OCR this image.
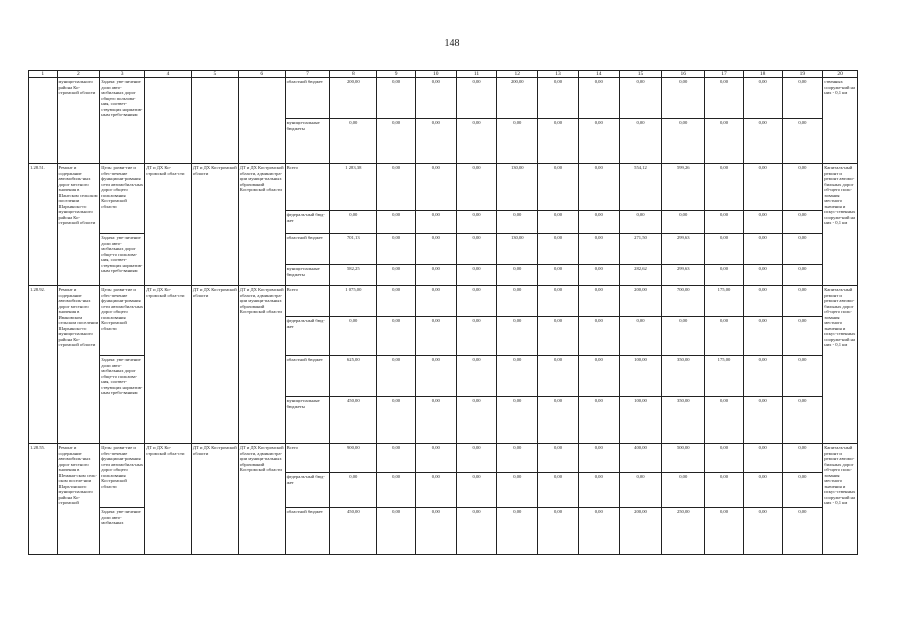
148
1	2	3	4	5	6	7	8	9	10	11	12	13	14	15	16	17	18	19	20
	муници-пального района Ко-стромской области	Задача: уве-личение доли авто-мобильных дорог общего пользова-ния, соответ-ствующих норматив-ным требо-ваниям				областной бюджет	200,00	0,00	0,00	0,00	200,00	0,00	0,00	0,00	0,00	0,00	0,00	0,00	ственных сооруже-ний на них - 0,1 км
						муници-пальные бюджеты	0,00	0,00	0,00	0,00	0,00	0,00	0,00	0,00	0,00	0,00	0,00	0,00	
1.28.51.	Ремонт и содержание автомобиль-ных дорог местного значения в Шангском сельском поселении Шарьинско-го муници-пального района Ко-стромской области	Цель: разви-тие и обес-печение функциони-рования сети автомобиль-ных дорог общего пользования Костромской области	ДТ и ДХ Ко-стромской обла-сти	ДТ и ДХ Костромской области	ДТ и ДХ Костромской области, администра-ции муници-пальных образований Костромской области	Всего	1 283,38	0,00	0,00	0,00	130,00	0,00	0,00	554,12	599,26	0,00	0,00	0,00	Капиталь-ный ремонт и ремонт автомо-бильных дорог об-щего поль-зования местного значения и искус-ственных сооруже-ний на них - 0,1 км
						федераль-ный бюд-жет	0,00	0,00	0,00	0,00	0,00	0,00	0,00	0,00	0,00	0,00	0,00	0,00	
		Задача: уве-личение доли авто-мобильных дорог обще-го пользова-ния, соответ-ствующих норматив-ным требо-ваниям				областной бюджет	701,13	0,00	0,00	0,00	130,00	0,00	0,00	271,50	299,63	0,00	0,00	0,00	
						муници-пальные бюджеты	582,25	0,00	0,00	0,00	0,00	0,00	0,00	282,62	299,63	0,00	0,00	0,00	
1.28.92.	Ремонт и содержание автомобиль-ных дорог местного значения в Ивановском сельском поселении Шарьинско-го муници-пального района Ко-стромской области	Цель: разви-тие и обес-печение функциони-рования сети автомобиль-ных дорог общего пользования Костромской области	ДТ и ДХ Ко-стромской обла-сти	ДТ и ДХ Костромской области	ДТ и ДХ Костромской области, администра-ции муници-пальных образований Костромской области	Всего	1 075,00	0,00	0,00	0,00	0,00	0,00	0,00	200,00	700,00	175,00	0,00	0,00	Капиталь-ный ремонт и ремонт автомо-бильных дорог об-щего поль-зования местного значения и искус-ственных сооруже-ний на них - 0,1 км
						федераль-ный бюд-жет	0,00	0,00	0,00	0,00	0,00	0,00	0,00	0,00	0,00	0,00	0,00	0,00	
		Задача: уве-личение доли авто-мобильных дорог обще-го пользова-ния, соответ-ствующих норматив-ным требо-ваниям				областной бюджет	625,00	0,00	0,00	0,00	0,00	0,00	0,00	100,00	350,00	175,00	0,00	0,00	
						муници-пальные бюджеты	450,00	0,00	0,00	0,00	0,00	0,00	0,00	100,00	350,00	0,00	0,00	0,00	
1.28.55.	Ремонт и содержание автомобиль-ных дорог местного значения в Шемани-ском сель-ском поселе-нии Шарь-инского муници-пального района Ко-стромской	Цель: разви-тие и обес-печение функциони-рования сети автомобиль-ных дорог общего пользования Костромской области	ДТ и ДХ Ко-стромской обла-сти	ДТ и ДХ Костромской области	ДТ и ДХ Костромской области, администра-ции муници-пальных образований Костромской области	Всего	900,00	0,00	0,00	0,00	0,00	0,00	0,00	400,00	500,00	0,00	0,00	0,00	Капиталь-ный ремонт и ремонт автомо-бильных дорог об-щего поль-зования местного значения и искус-ственных сооруже-ний на них - 0,1 км
						федераль-ный бюд-жет	0,00	0,00	0,00	0,00	0,00	0,00	0,00	0,00	0,00	0,00	0,00	0,00	
		Задача: уве-личение доли авто-мобильных				областной бюджет	450,00	0,00	0,00	0,00	0,00	0,00	0,00	200,00	250,00	0,00	0,00	0,00	
